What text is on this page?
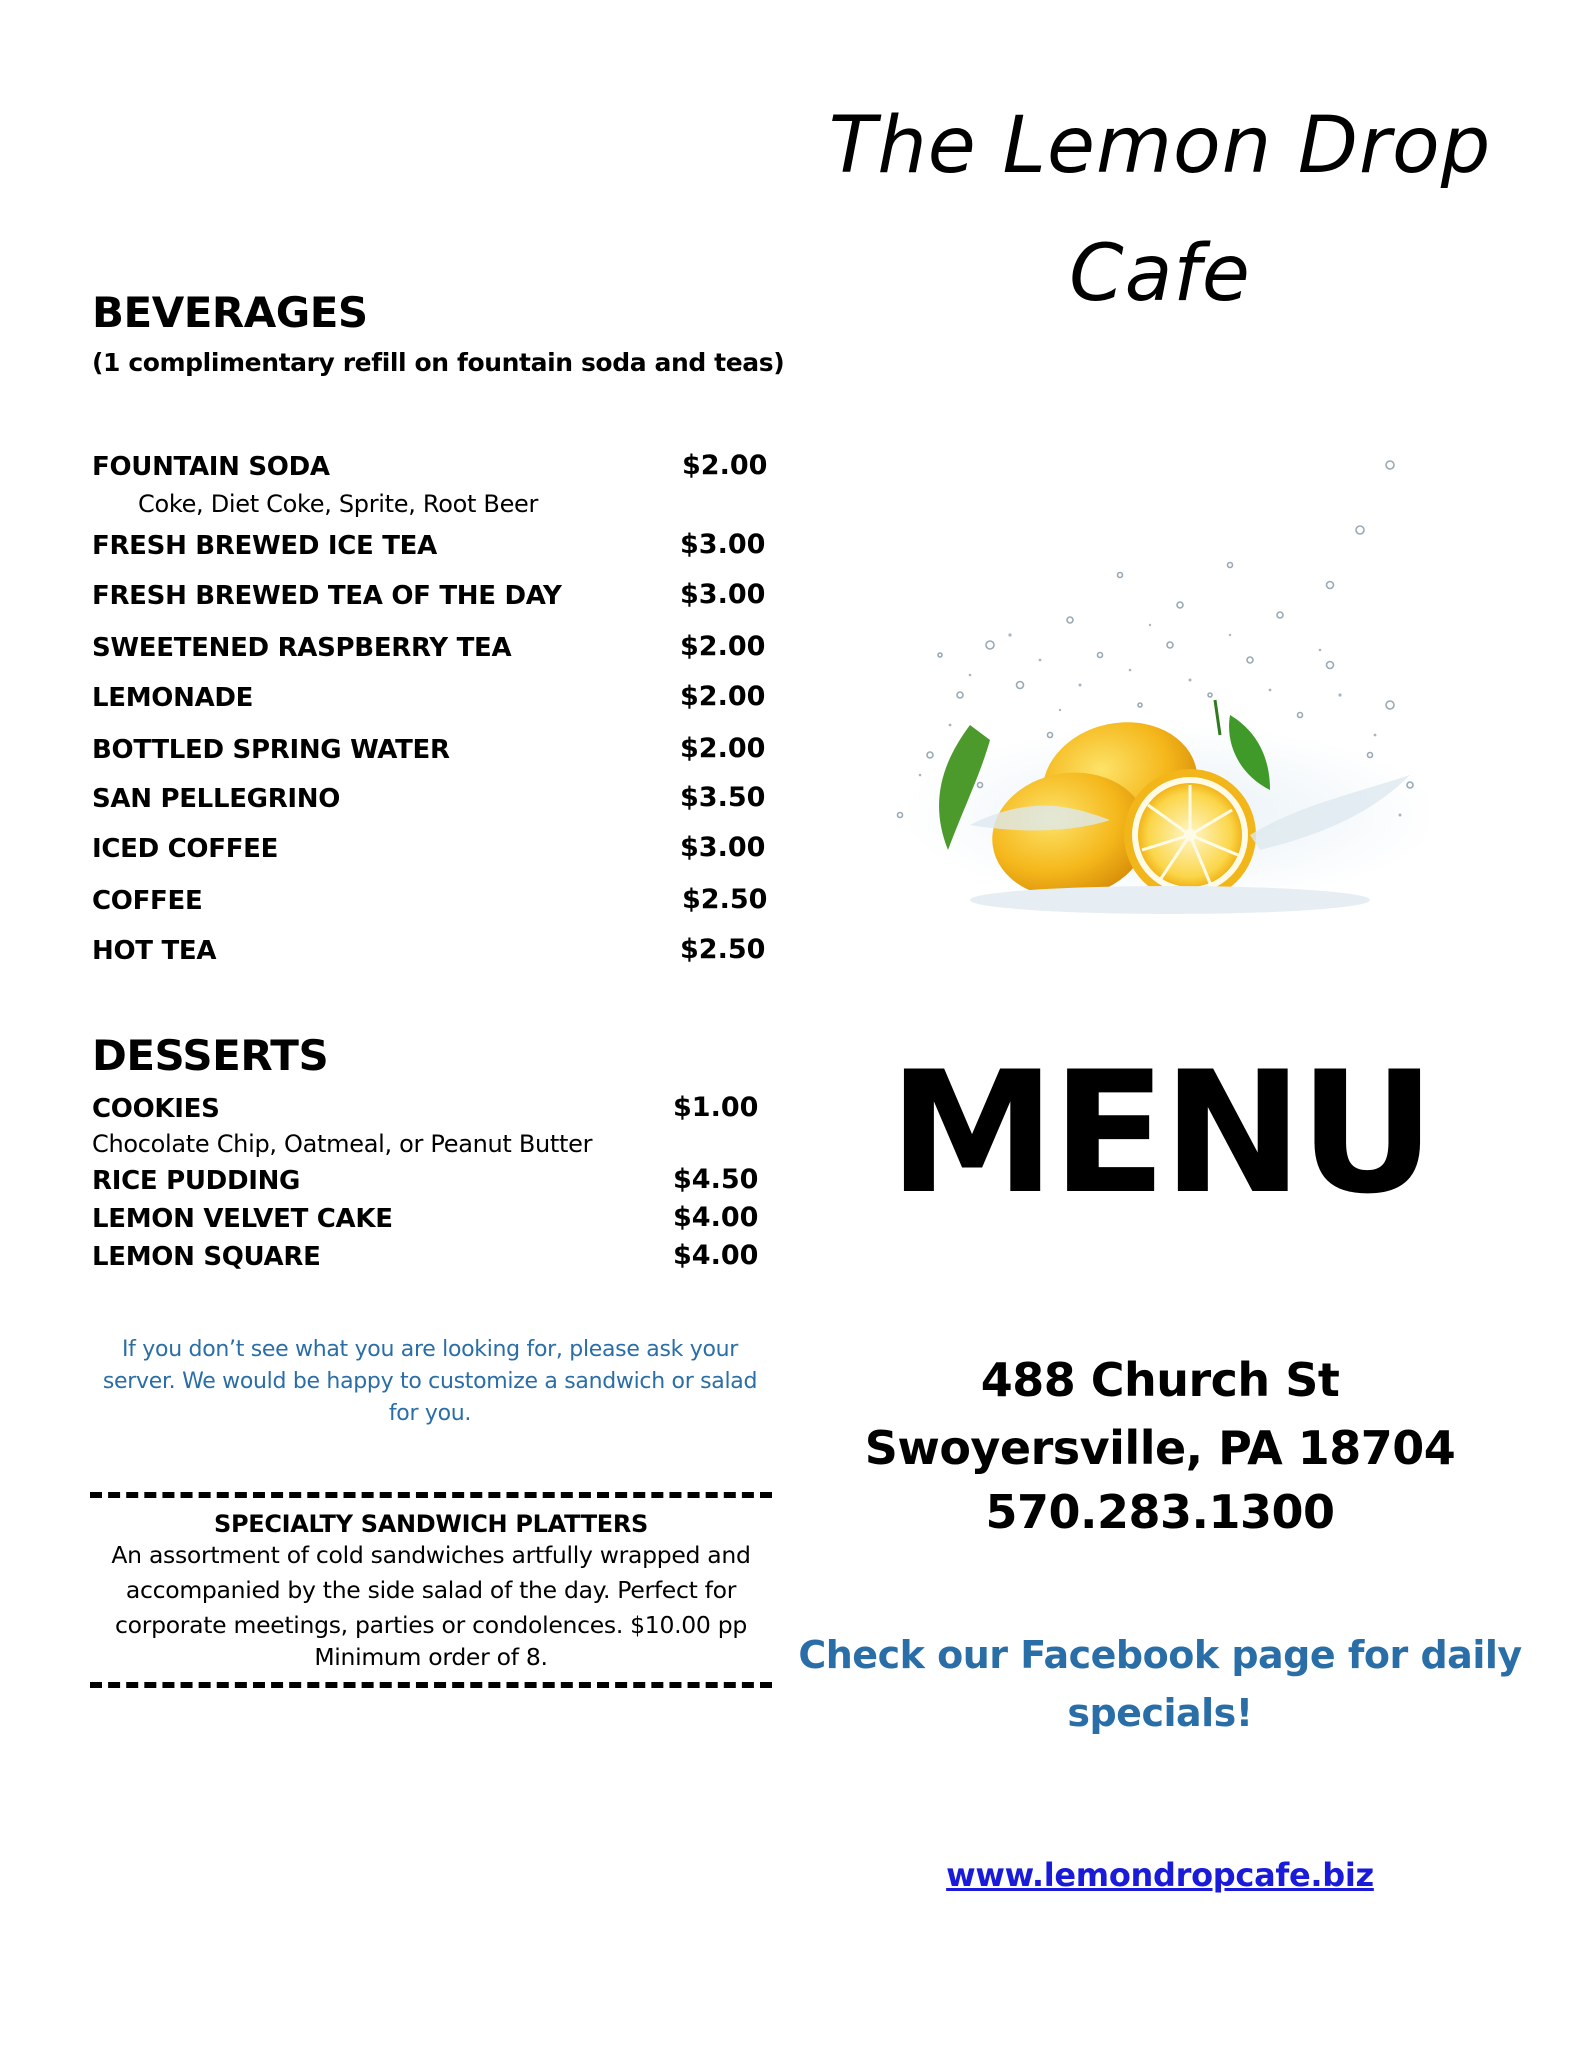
BEVERAGES
(1 complimentary refill on fountain soda and teas)
FOUNTAIN SODA	$2.00
Coke, Diet Coke, Sprite, Root Beer
FRESH BREWED ICE TEA	$3.00
FRESH BREWED TEA OF THE DAY	$3.00
SWEETENED RASPBERRY TEA	$2.00
LEMONADE	$2.00
BOTTLED SPRING WATER	$2.00
SAN PELLEGRINO	$3.50
ICED COFFEE	$3.00
COFFEE	$2.50
HOT TEA	$2.50
DESSERTS
COOKIES	$1.00
Chocolate Chip, Oatmeal, or Peanut Butter
RICE PUDDING	$4.50
LEMON VELVET CAKE	$4.00
LEMON SQUARE	$4.00
If you don’t see what you are looking for, please ask your
server. We would be happy to customize a sandwich or salad
for you.
SPECIALTY SANDWICH PLATTERS
An assortment of cold sandwiches artfully wrapped and
accompanied by the side salad of the day. Perfect for
corporate meetings, parties or condolences. $10.00 pp
Minimum order of 8.
The Lemon Drop
Cafe
MENU
488 Church St
Swoyersville, PA 18704
570.283.1300
Check our Facebook page for daily
specials!
www.lemondropcafe.biz
